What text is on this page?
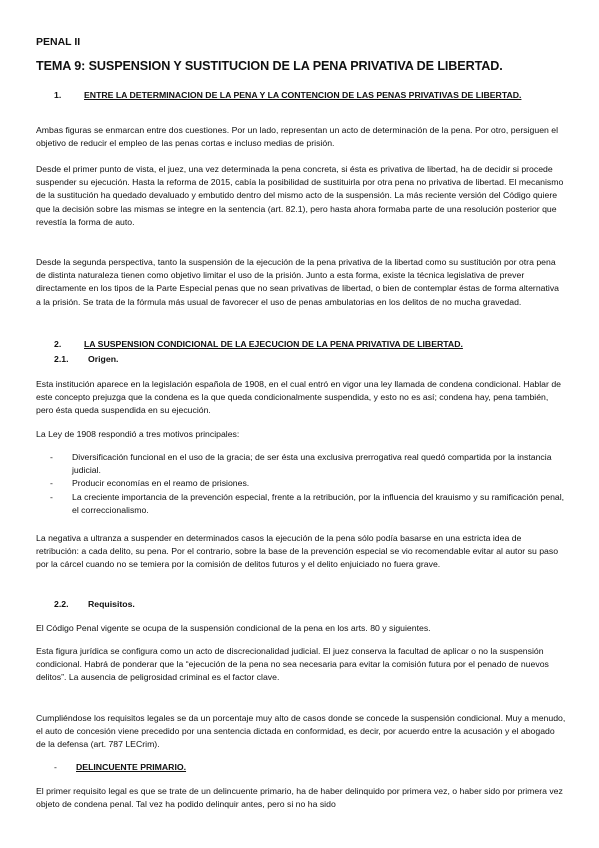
PENAL II
TEMA 9: SUSPENSION Y SUSTITUCION DE LA PENA PRIVATIVA DE LIBERTAD.
1.	ENTRE LA DETERMINACION DE LA PENA Y LA CONTENCION DE LAS PENAS PRIVATIVAS DE LIBERTAD.

Ambas figuras se enmarcan entre dos cuestiones. Por un lado, representan un acto de determinación de la pena. Por otro, persiguen el objetivo de reducir el empleo de las penas cortas e incluso medias de prisión.

Desde el primer punto de vista, el juez, una vez determinada la pena concreta, si ésta es privativa de libertad, ha de decidir si procede suspender su ejecución. Hasta la reforma de 2015, cabía la posibilidad de sustituirla por otra pena no privativa de libertad. El mecanismo de la sustitución ha quedado devaluado y embutido dentro del mismo acto de la suspensión. La más reciente versión del Código quiere que la decisión sobre las mismas se integre en la sentencia (art. 82.1), pero hasta ahora formaba parte de una resolución posterior que revestía la forma de auto.

Desde la segunda perspectiva, tanto la suspensión de la ejecución de la pena privativa de la libertad como su sustitución por otra pena de distinta naturaleza tienen como objetivo limitar el uso de la prisión. Junto a esta forma, existe la técnica legislativa de prever directamente en los tipos de la Parte Especial penas que no sean privativas de libertad, o bien de contemplar éstas de forma alternativa a la prisión. Se trata de la fórmula más usual de favorecer el uso de penas ambulatorias en los delitos de no mucha gravedad.

2.	LA SUSPENSION CONDICIONAL DE LA EJECUCION DE LA PENA PRIVATIVA DE LIBERTAD.
2.1. Origen.

Esta institución aparece en la legislación española de 1908, en el cual entró en vigor una ley llamada de condena condicional. Hablar de este concepto prejuzga que la condena es la que queda condicionalmente suspendida, y esto no es así; condena hay, pena también, pero ésta queda suspendida en su ejecución.

La Ley de 1908 respondió a tres motivos principales:

- Diversificación funcional en el uso de la gracia; de ser ésta una exclusiva prerrogativa real quedó compartida por la instancia judicial.
- Producir economías en el reamo de prisiones.
- La creciente importancia de la prevención especial, frente a la retribución, por la influencia del krauismo y su ramificación penal, el correccionalismo.

La negativa a ultranza a suspender en determinados casos la ejecución de la pena sólo podía basarse en una estricta idea de retribución: a cada delito, su pena. Por el contrario, sobre la base de la prevención especial se vio recomendable evitar al autor su paso por la cárcel cuando no se temiera por la comisión de delitos futuros y el delito enjuiciado no fuera grave.

2.2. Requisitos.

El Código Penal vigente se ocupa de la suspensión condicional de la pena en los arts. 80 y siguientes.

Esta figura jurídica se configura como un acto de discrecionalidad judicial. El juez conserva la facultad de aplicar o no la suspensión condicional. Habrá de ponderar que la “ejecución de la pena no sea necesaria para evitar la comisión futura por el penado de nuevos delitos”. La ausencia de peligrosidad criminal es el factor clave.

Cumpliéndose los requisitos legales se da un porcentaje muy alto de casos donde se concede la suspensión condicional. Muy a menudo, el auto de concesión viene precedido por una sentencia dictada en conformidad, es decir, por acuerdo entre la acusación y el abogado de la defensa (art. 787 LECrim).

- DELINCUENTE PRIMARIO.

El primer requisito legal es que se trate de un delincuente primario, ha de haber delinquido por primera vez, o haber sido por primera vez objeto de condena penal. Tal vez ha podido delinquir antes, pero si no ha sido
